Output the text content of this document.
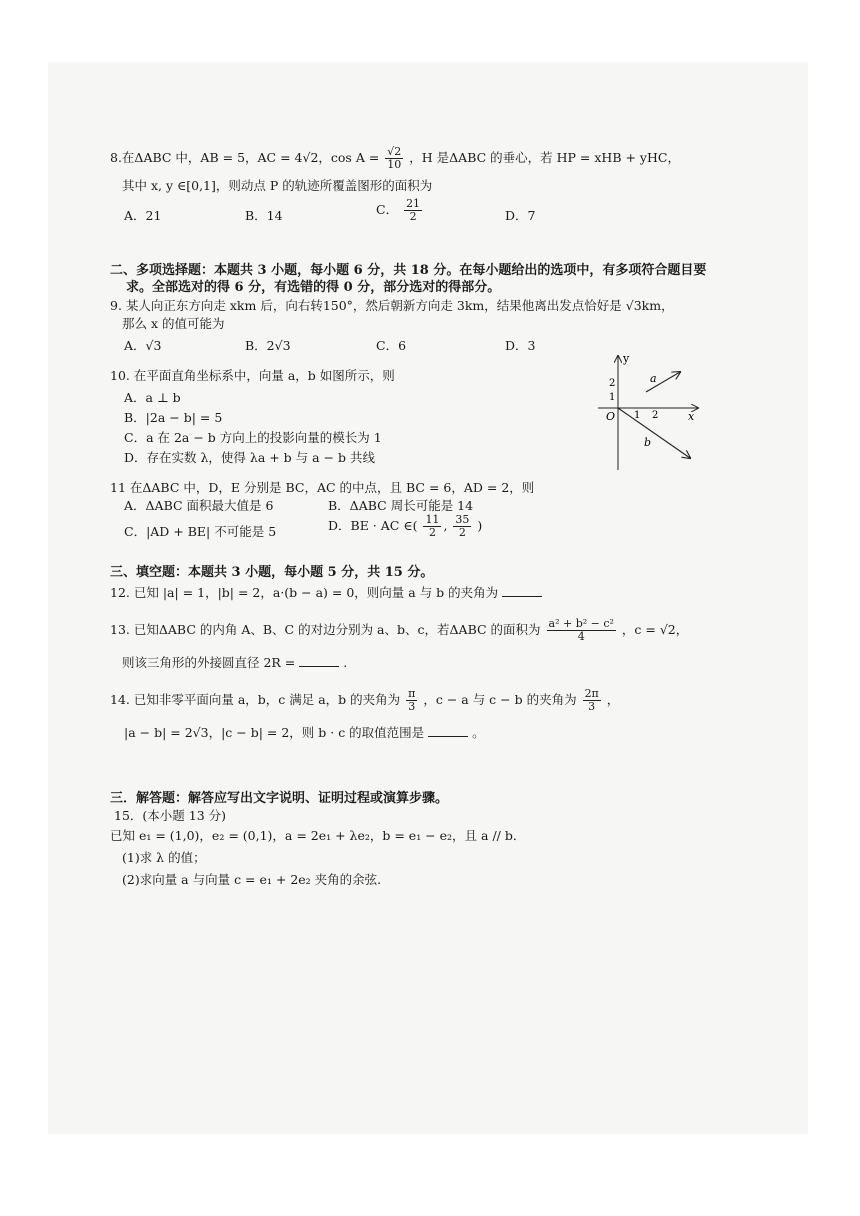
8.在ΔABC 中，AB = 5，AC = 4√2，$\cos A = \frac{√2}{10}$ ，H 是ΔABC 的垂心，若 HP = xHB + yHC，
其中 x, y ∈[0,1]，则动点 P 的轨迹所覆盖图形的面积为
A．21	B．14	C． $\frac{21}{2}$	D．7
二、多项选择题：本题共 3 小题，每小题 6 分，共 18 分。在每小题给出的选项中，有多项符合题目要
求。全部选对的得 6 分，有选错的得 0 分，部分选对的得部分。
9. 某人向正东方向走 xkm 后，向右转150°，然后朝新方向走 3km，结果他离出发点恰好是 √3km，
那么 x 的值可能为
A．√3	B．2√3	C．6	D．3
10. 在平面直角坐标系中，向量 a，b 如图所示，则
A．a ⊥ b
B．|2a − b| = 5
C．a 在 2a − b 方向上的投影向量的模长为 1
D．存在实数 λ，使得 λa + b 与 a − b 共线
y
x
O 1 2
1
2	a
b
11 在ΔABC 中，D，E 分别是 BC，AC 的中点，且 BC = 6，AD = 2，则
A．ΔABC 面积最大值是 6	B．ΔABC 周长可能是 14
C．|AD + BE| 不可能是 5	D．BE · AC ∈( $\frac{11}{2}$ , $\frac{35}{2}$ )
三、填空题：本题共 3 小题，每小题 5 分，共 15 分。
12. 已知 |a| = 1，|b| = 2，a·(b − a) = 0，则向量 a 与 b 的夹角为
13. 已知ΔABC 的内角 A、B、C 的对边分别为 a、b、c，若ΔABC 的面积为 $\frac{\text{a² + b² − c²}}{4}$ ，c = √2，
则该三角形的外接圆直径 2R =	.
14. 已知非零平面向量 a，b，c 满足 a，b 的夹角为 $\frac{\pi}{3}$ ，c − a 与 c − b 的夹角为 $\frac{2\pi}{3}$ ，
|a − b| = 2√3，|c − b| = 2，则 b · c 的取值范围是	。
三．解答题：解答应写出文字说明、证明过程或演算步骤。
15．(本小题 13 分)
已知 e₁ = (1,0)，e₂ = (0,1)，a = 2e₁ + λe₂，b = e₁ − e₂，且 a // b．
(1)求 λ 的值；
(2)求向量 a 与向量 c = e₁ + 2e₂ 夹角的余弦.
